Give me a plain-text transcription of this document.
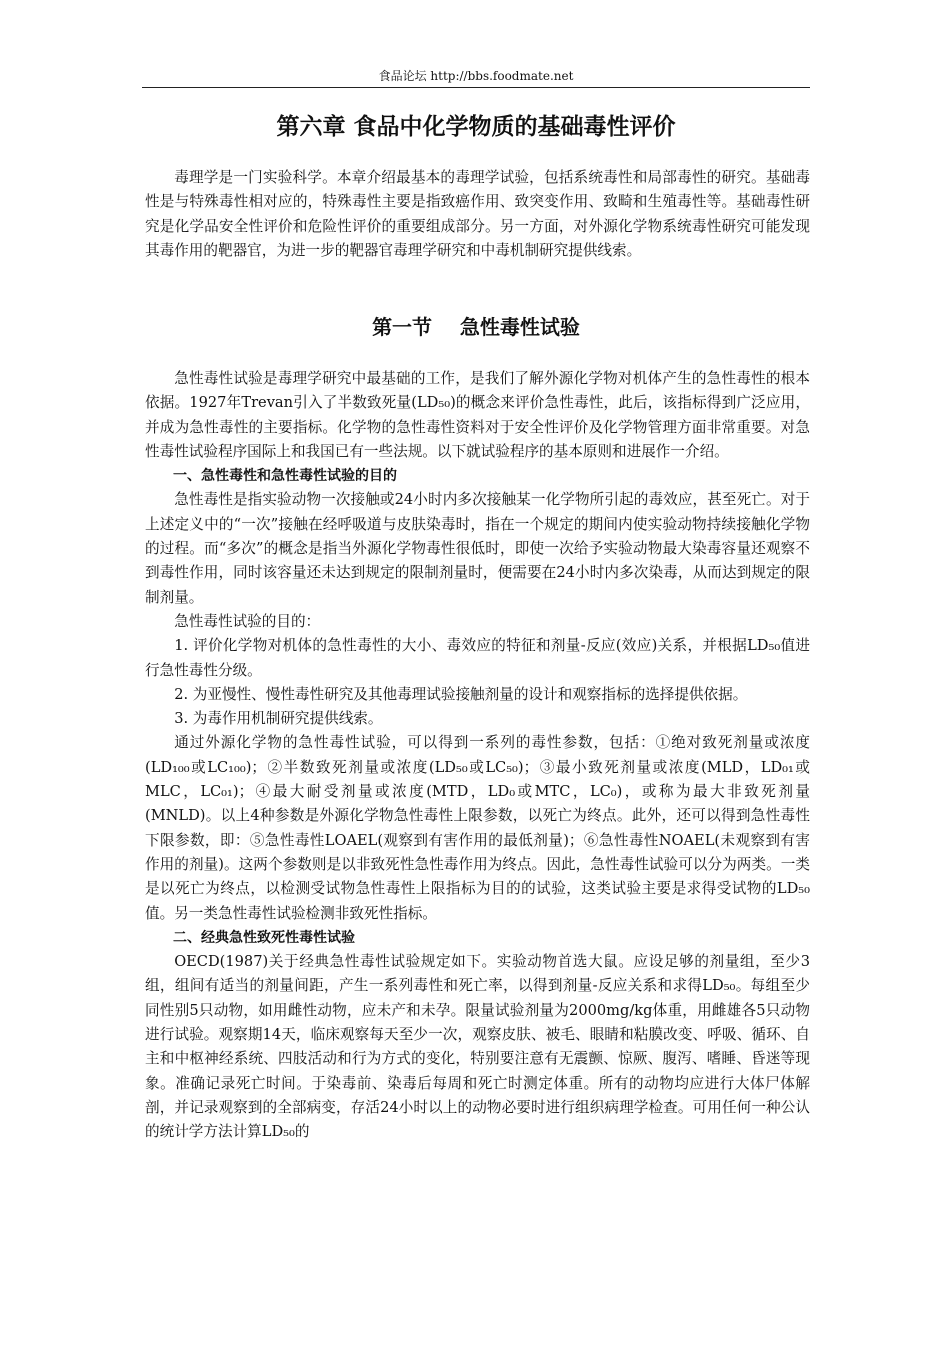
食品论坛 http://bbs.foodmate.net
第六章 食品中化学物质的基础毒性评价

毒理学是一门实验科学。本章介绍最基本的毒理学试验，包括系统毒性和局部毒性的研究。基础毒性是与特殊毒性相对应的，特殊毒性主要是指致癌作用、致突变作用、致畸和生殖毒性等。基础毒性研究是化学品安全性评价和危险性评价的重要组成部分。另一方面，对外源化学物系统毒性研究可能发现其毒作用的靶器官，为进一步的靶器官毒理学研究和中毒机制研究提供线索。

第一节    急性毒性试验

急性毒性试验是毒理学研究中最基础的工作，是我们了解外源化学物对机体产生的急性毒性的根本依据。1927年Trevan引入了半数致死量(LD₅₀)的概念来评价急性毒性，此后，该指标得到广泛应用，并成为急性毒性的主要指标。化学物的急性毒性资料对于安全性评价及化学物管理方面非常重要。对急性毒性试验程序国际上和我国已有一些法规。以下就试验程序的基本原则和进展作一介绍。

一、急性毒性和急性毒性试验的目的

急性毒性是指实验动物一次接触或24小时内多次接触某一化学物所引起的毒效应，甚至死亡。对于上述定义中的“一次”接触在经呼吸道与皮肤染毒时，指在一个规定的期间内使实验动物持续接触化学物的过程。而“多次”的概念是指当外源化学物毒性很低时，即使一次给予实验动物最大染毒容量还观察不到毒性作用，同时该容量还未达到规定的限制剂量时，便需要在24小时内多次染毒，从而达到规定的限制剂量。

急性毒性试验的目的：

1. 评价化学物对机体的急性毒性的大小、毒效应的特征和剂量-反应(效应)关系，并根据LD₅₀值进行急性毒性分级。

2. 为亚慢性、慢性毒性研究及其他毒理试验接触剂量的设计和观察指标的选择提供依据。

3. 为毒作用机制研究提供线索。

通过外源化学物的急性毒性试验，可以得到一系列的毒性参数，包括：①绝对致死剂量或浓度(LD₁₀₀或LC₁₀₀)；②半数致死剂量或浓度(LD₅₀或LC₅₀)；③最小致死剂量或浓度(MLD，LD₀₁或MLC，LC₀₁)；④最大耐受剂量或浓度(MTD，LD₀或MTC，LC₀)，或称为最大非致死剂量(MNLD)。以上4种参数是外源化学物急性毒性上限参数，以死亡为终点。此外，还可以得到急性毒性下限参数，即：⑤急性毒性LOAEL(观察到有害作用的最低剂量)；⑥急性毒性NOAEL(未观察到有害作用的剂量)。这两个参数则是以非致死性急性毒作用为终点。因此，急性毒性试验可以分为两类。一类是以死亡为终点，以检测受试物急性毒性上限指标为目的的试验，这类试验主要是求得受试物的LD₅₀值。另一类急性毒性试验检测非致死性指标。

二、经典急性致死性毒性试验

OECD(1987)关于经典急性毒性试验规定如下。实验动物首选大鼠。应设足够的剂量组，至少3组，组间有适当的剂量间距，产生一系列毒性和死亡率，以得到剂量-反应关系和求得LD₅₀。每组至少同性别5只动物，如用雌性动物，应未产和未孕。限量试验剂量为2000mg/kg体重，用雌雄各5只动物进行试验。观察期14天，临床观察每天至少一次，观察皮肤、被毛、眼睛和粘膜改变、呼吸、循环、自主和中枢神经系统、四肢活动和行为方式的变化，特别要注意有无震颤、惊厥、腹泻、嗜睡、昏迷等现象。准确记录死亡时间。于染毒前、染毒后每周和死亡时测定体重。所有的动物均应进行大体尸体解剖，并记录观察到的全部病变，存活24小时以上的动物必要时进行组织病理学检查。可用任何一种公认的统计学方法计算LD₅₀的
